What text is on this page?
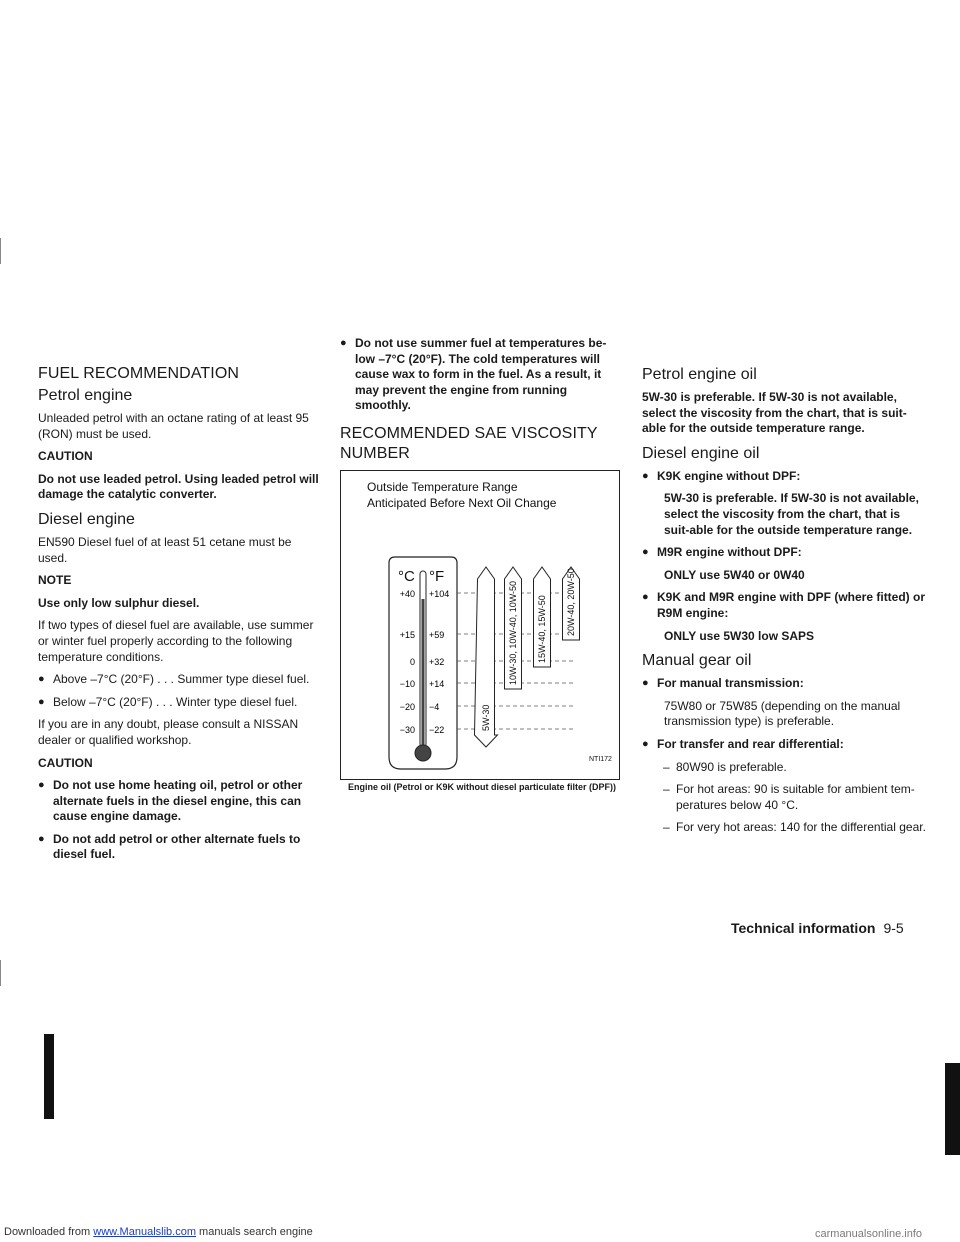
FUEL RECOMMENDATION
Petrol engine

Unleaded petrol with an octane rating of at least 95 (RON) must be used.

CAUTION

Do not use leaded petrol. Using leaded petrol will damage the catalytic converter.

Diesel engine

EN590 Diesel fuel of at least 51 cetane must be used.

NOTE

Use only low sulphur diesel.

If two types of diesel fuel are available, use summer or winter fuel properly according to the following temperature conditions.

● Above –7°C (20°F) . . . Summer type diesel fuel.
● Below –7°C (20°F) . . . Winter type diesel fuel.

If you are in any doubt, please consult a NISSAN dealer or qualified workshop.

CAUTION

● Do not use home heating oil, petrol or other alternate fuels in the diesel engine, this can cause engine damage.
● Do not add petrol or other alternate fuels to diesel fuel.
● Do not use summer fuel at temperatures be-low –7°C (20°F). The cold temperatures will cause wax to form in the fuel. As a result, it may prevent the engine from running smoothly.
RECOMMENDED SAE VISCOSITY NUMBER
Outside Temperature Range
Anticipated Before Next Oil Change
°C °F
+40
+15
0
−10
−20
−30
+104
+59
+32
+14
−4
−22	5W-30
10W-30, 10W-40, 10W-50 15W-40, 15W-50 20W-40, 20W-50
NTI172
Engine oil (Petrol or K9K without diesel particulate filter (DPF))
Petrol engine oil

5W-30 is preferable. If 5W-30 is not available, select the viscosity from the chart, that is suit-able for the outside temperature range.

Diesel engine oil
● K9K engine without DPF:
5W-30 is preferable. If 5W-30 is not available, select the viscosity from the chart, that is suit-able for the outside temperature range.
● M9R engine without DPF:
ONLY use 5W40 or 0W40
● K9K and M9R engine with DPF (where fitted) or R9M engine:
ONLY use 5W30 low SAPS
Manual gear oil
● For manual transmission:
75W80 or 75W85 (depending on the manual transmission type) is preferable.
● For transfer and rear differential:
– 80W90 is preferable.
– For hot areas: 90 is suitable for ambient tem-peratures below 40 °C.
– For very hot areas: 140 for the differential gear.
Technical information 9-5
Downloaded from www.Manualslib.com manuals search engine	carmanualsonline.info
